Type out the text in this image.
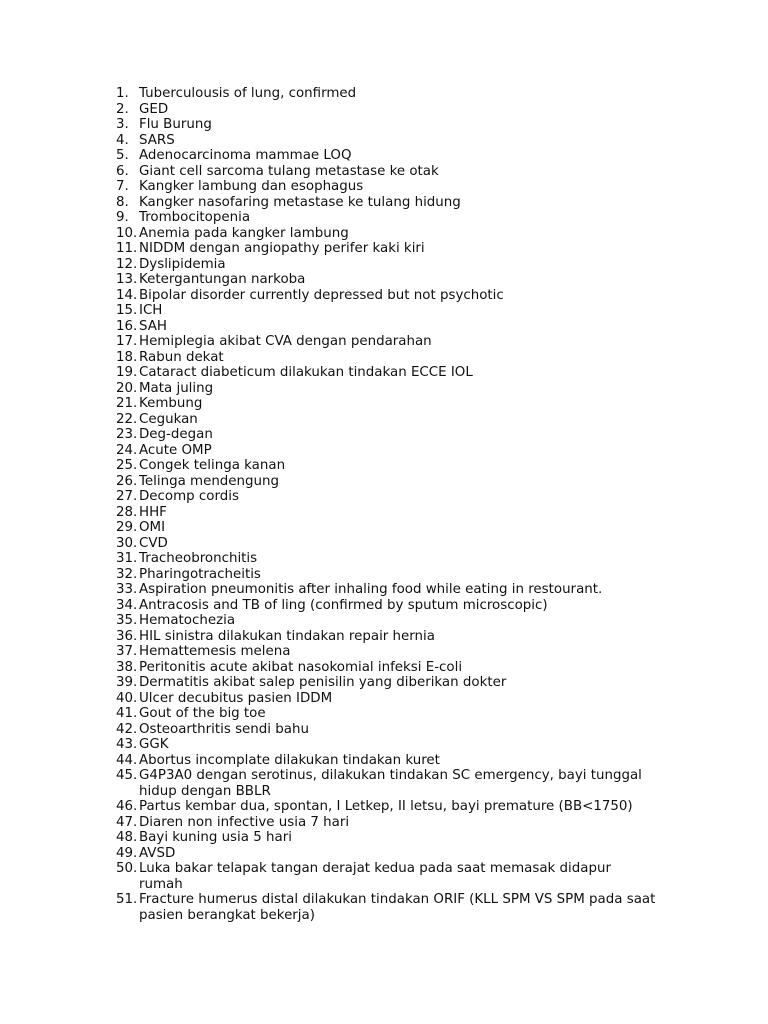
1. Tuberculousis of lung, confirmed
2. GED
3. Flu Burung
4. SARS
5. Adenocarcinoma mammae LOQ
6. Giant cell sarcoma tulang metastase ke otak
7. Kangker lambung dan esophagus
8. Kangker nasofaring metastase ke tulang hidung
9. Trombocitopenia
10. Anemia pada kangker lambung
11. NIDDM dengan angiopathy perifer kaki kiri
12. Dyslipidemia
13. Ketergantungan narkoba
14. Bipolar disorder currently depressed but not psychotic
15. ICH
16. SAH
17. Hemiplegia akibat CVA dengan pendarahan
18. Rabun dekat
19. Cataract diabeticum dilakukan tindakan ECCE IOL
20. Mata juling
21. Kembung
22. Cegukan
23. Deg-degan
24. Acute OMP
25. Congek telinga kanan
26. Telinga mendengung
27. Decomp cordis
28. HHF
29. OMI
30. CVD
31. Tracheobronchitis
32. Pharingotracheitis
33. Aspiration pneumonitis after inhaling food while eating in restourant.
34. Antracosis and TB of ling (confirmed by sputum microscopic)
35. Hematochezia
36. HIL sinistra dilakukan tindakan repair hernia
37. Hemattemesis melena
38. Peritonitis acute akibat nasokomial infeksi E-coli
39. Dermatitis akibat salep penisilin yang diberikan dokter
40. Ulcer decubitus pasien IDDM
41. Gout of the big toe
42. Osteoarthritis sendi bahu
43. GGK
44. Abortus incomplate dilakukan tindakan kuret
45. G4P3A0 dengan serotinus, dilakukan tindakan SC emergency, bayi tunggal hidup dengan BBLR
46. Partus kembar dua, spontan, I Letkep, II letsu, bayi premature (BB<1750)
47. Diaren non infective usia 7 hari
48. Bayi kuning usia 5 hari
49. AVSD
50. Luka bakar telapak tangan derajat kedua pada saat memasak didapur rumah
51. Fracture humerus distal dilakukan tindakan ORIF (KLL SPM VS SPM pada saat pasien berangkat bekerja)
